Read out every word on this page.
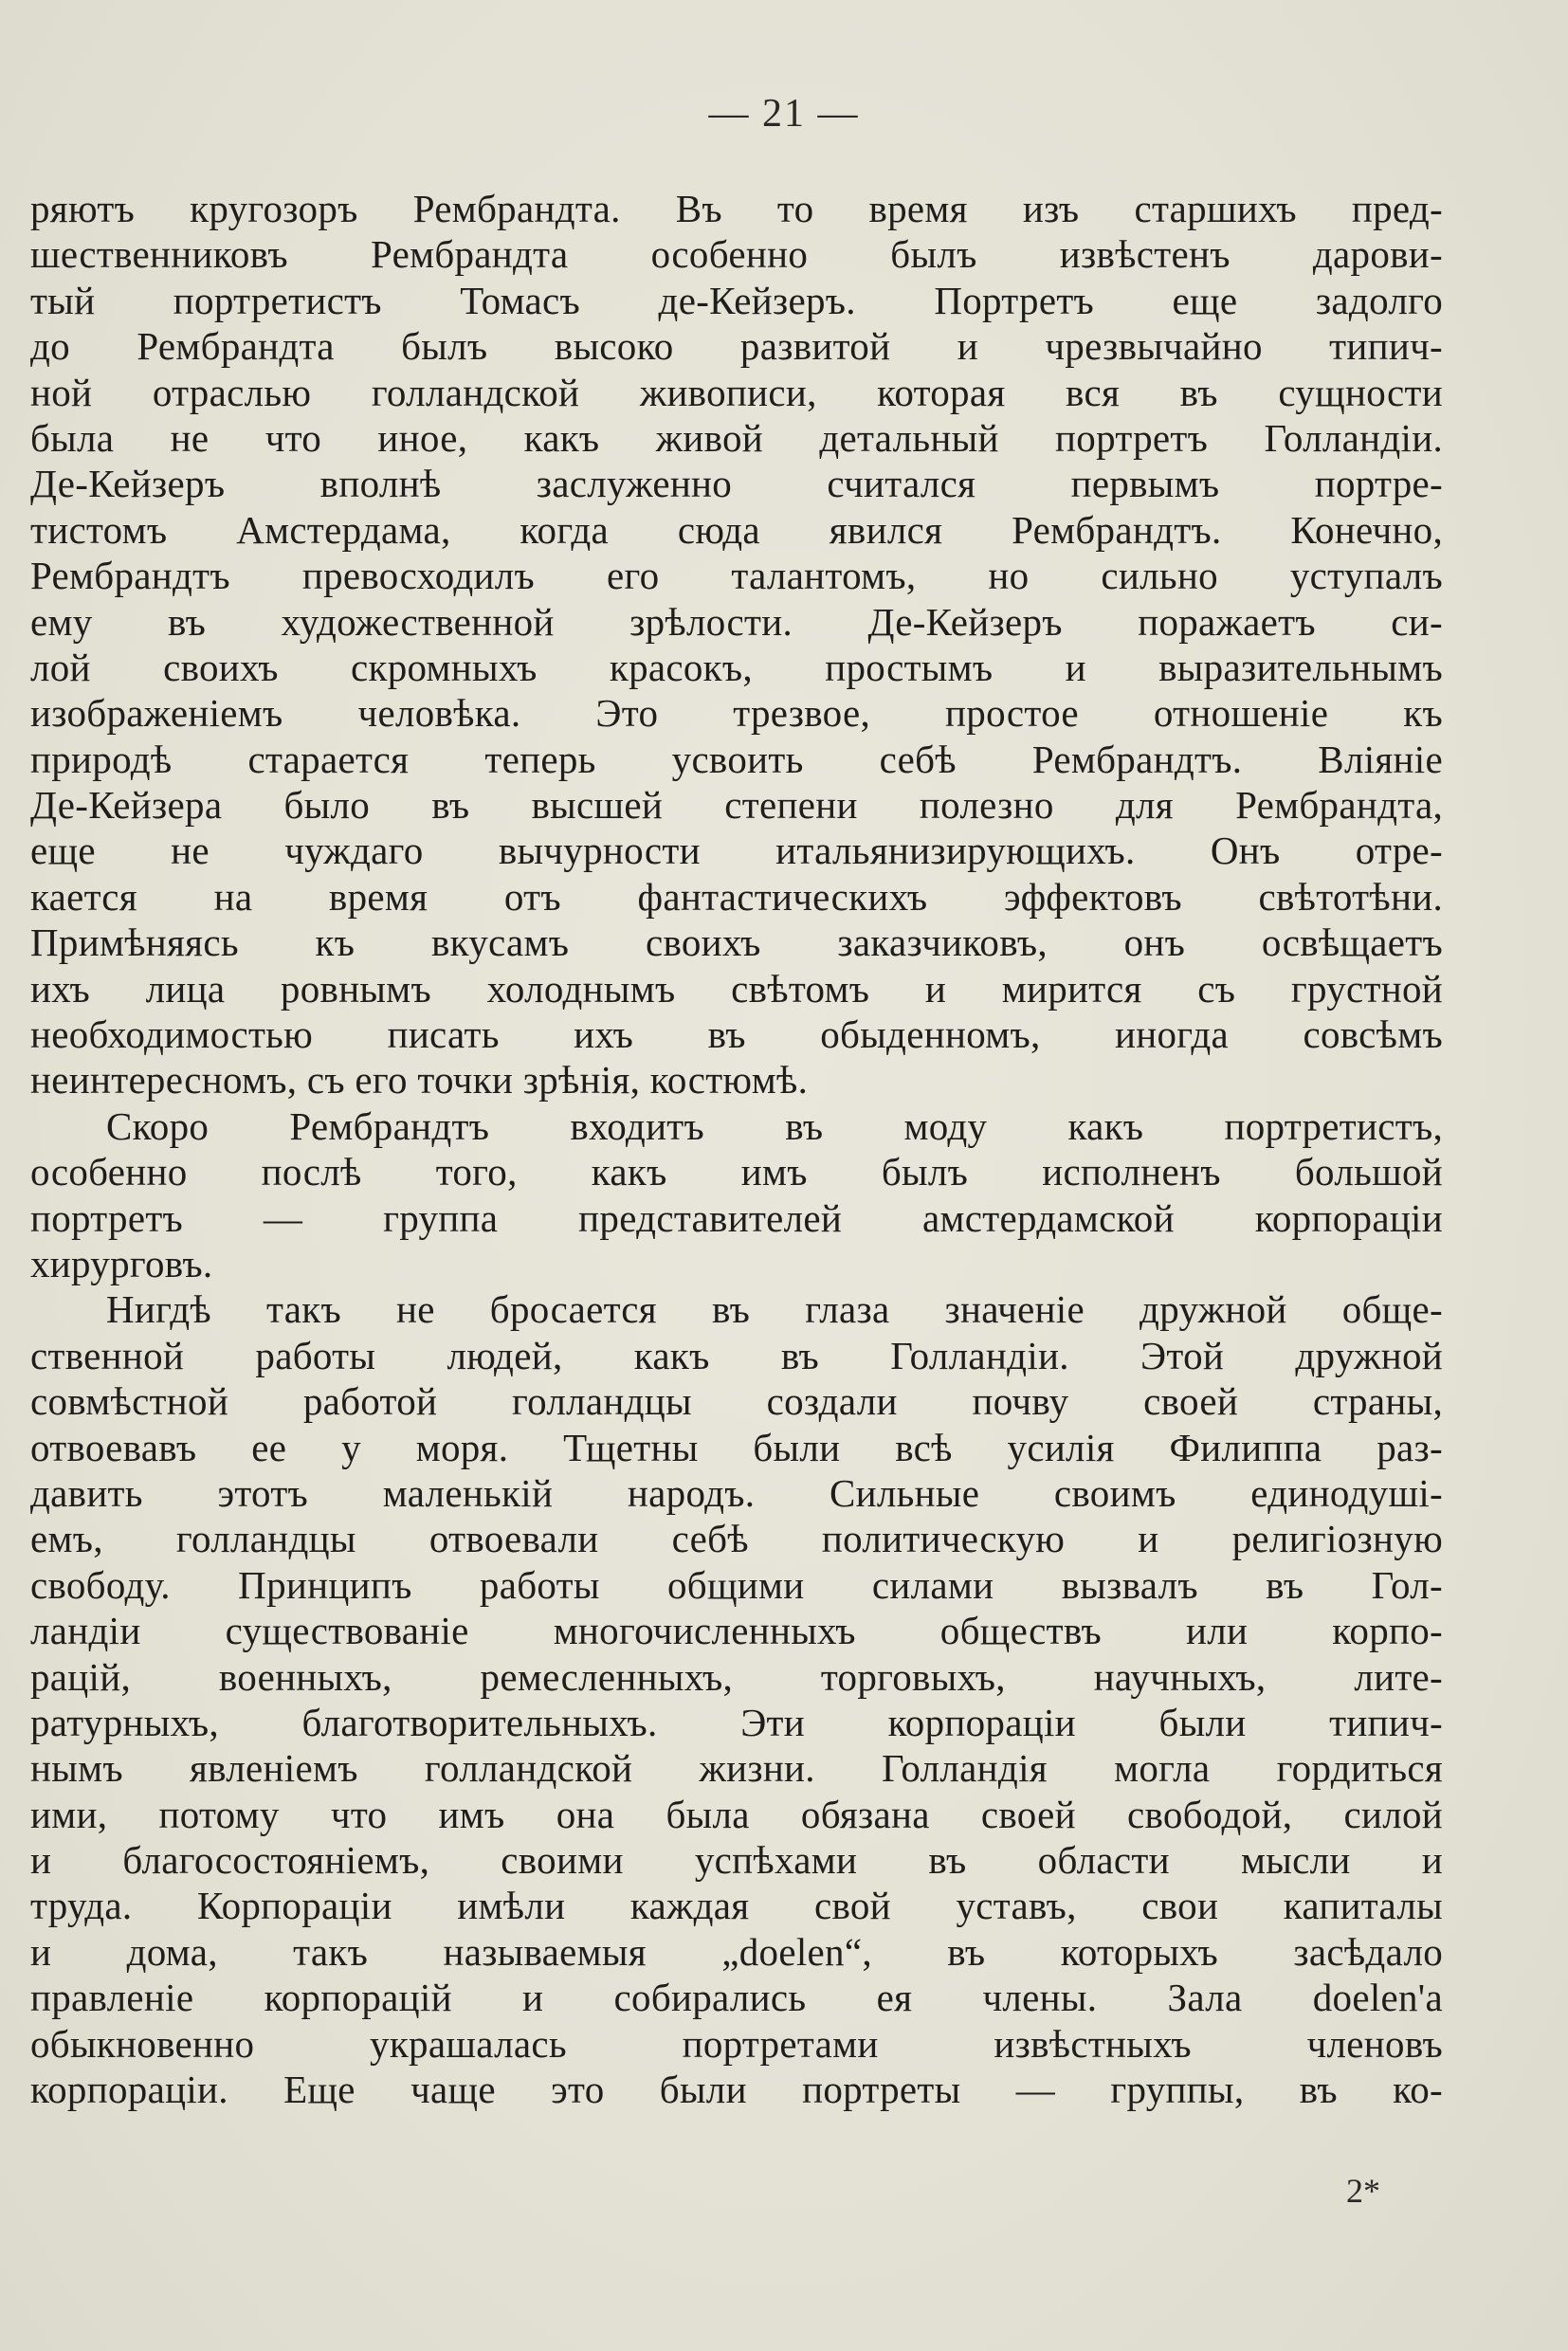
— 21 —
ряютъ кругозоръ Рембрандта. Въ то время изъ старшихъ пред-
шественниковъ Рембрандта особенно былъ извѣстенъ дарови-
тый портретистъ Томасъ де-Кейзеръ. Портретъ еще задолго
до Рембрандта былъ высоко развитой и чрезвычайно типич-
ной отраслью голландской живописи, которая вся въ сущности
была не что иное, какъ живой детальный портретъ Голландіи.
Де-Кейзеръ вполнѣ заслуженно считался первымъ портре-
тистомъ Амстердама, когда сюда явился Рембрандтъ. Конечно,
Рембрандтъ превосходилъ его талантомъ, но сильно уступалъ
ему въ художественной зрѣлости. Де-Кейзеръ поражаетъ си-
лой своихъ скромныхъ красокъ, простымъ и выразительнымъ
изображеніемъ человѣка. Это трезвое, простое отношеніе къ
природѣ старается теперь усвоить себѣ Рембрандтъ. Вліяніе
Де-Кейзера было въ высшей степени полезно для Рембрандта,
еще не чуждаго вычурности итальянизирующихъ. Онъ отре-
кается на время отъ фантастическихъ эффектовъ свѣтотѣни.
Примѣняясь къ вкусамъ своихъ заказчиковъ, онъ освѣщаетъ
ихъ лица ровнымъ холоднымъ свѣтомъ и мирится съ грустной
необходимостью писать ихъ въ обыденномъ, иногда совсѣмъ
неинтересномъ, съ его точки зрѣнія, костюмѣ.
Скоро Рембрандтъ входитъ въ моду какъ портретистъ,
особенно послѣ того, какъ имъ былъ исполненъ большой
портретъ — группа представителей амстердамской корпораціи
хирурговъ.
Нигдѣ такъ не бросается въ глаза значеніе дружной обще-
ственной работы людей, какъ въ Голландіи. Этой дружной
совмѣстной работой голландцы создали почву своей страны,
отвоевавъ ее у моря. Тщетны были всѣ усилія Филиппа раз-
давить этотъ маленькій народъ. Сильные своимъ единодуші-
емъ, голландцы отвоевали себѣ политическую и религіозную
свободу. Принципъ работы общими силами вызвалъ въ Гол-
ландіи существованіе многочисленныхъ обществъ или корпо-
рацій, военныхъ, ремесленныхъ, торговыхъ, научныхъ, лите-
ратурныхъ, благотворительныхъ. Эти корпораціи были типич-
нымъ явленіемъ голландской жизни. Голландія могла гордиться
ими, потому что имъ она была обязана своей свободой, силой
и благосостояніемъ, своими успѣхами въ области мысли и
труда. Корпораціи имѣли каждая свой уставъ, свои капиталы
и дома, такъ называемыя „doelen“, въ которыхъ засѣдало
правленіе корпорацій и собирались ея члены. Зала doelen'а
обыкновенно украшалась портретами извѣстныхъ членовъ
корпораціи. Еще чаще это были портреты — группы, въ ко-
2*
